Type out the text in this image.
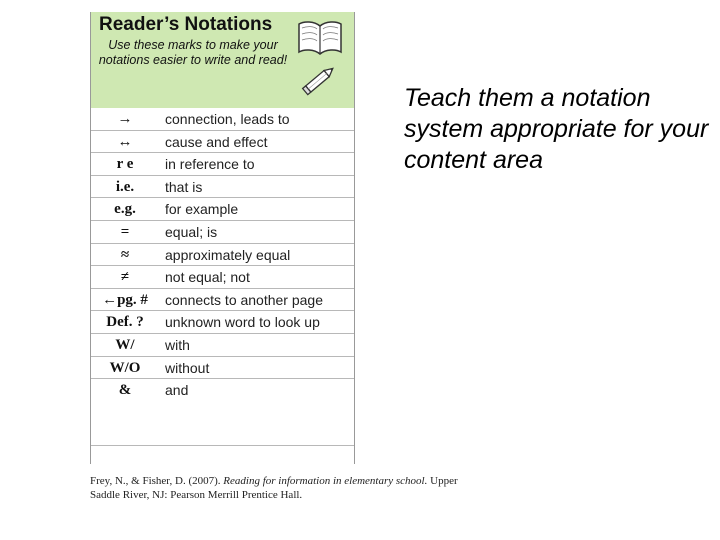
Reader’s Notations
Use these marks to make your notations easier to write and read!
→	connection, leads to
↔	cause and effect
r e	in reference to
i.e.	that is
e.g.	for example
=	equal; is
≈	approximately equal
≠	not equal; not
←pg. #	connects to another page
Def. ?	unknown word to look up
W/	with
W/O	without
&	and
Frey, N., & Fisher, D. (2007). Reading for information in elementary school. Upper Saddle River, NJ: Pearson Merrill Prentice Hall.
Teach them a notation system appropriate for your content area
